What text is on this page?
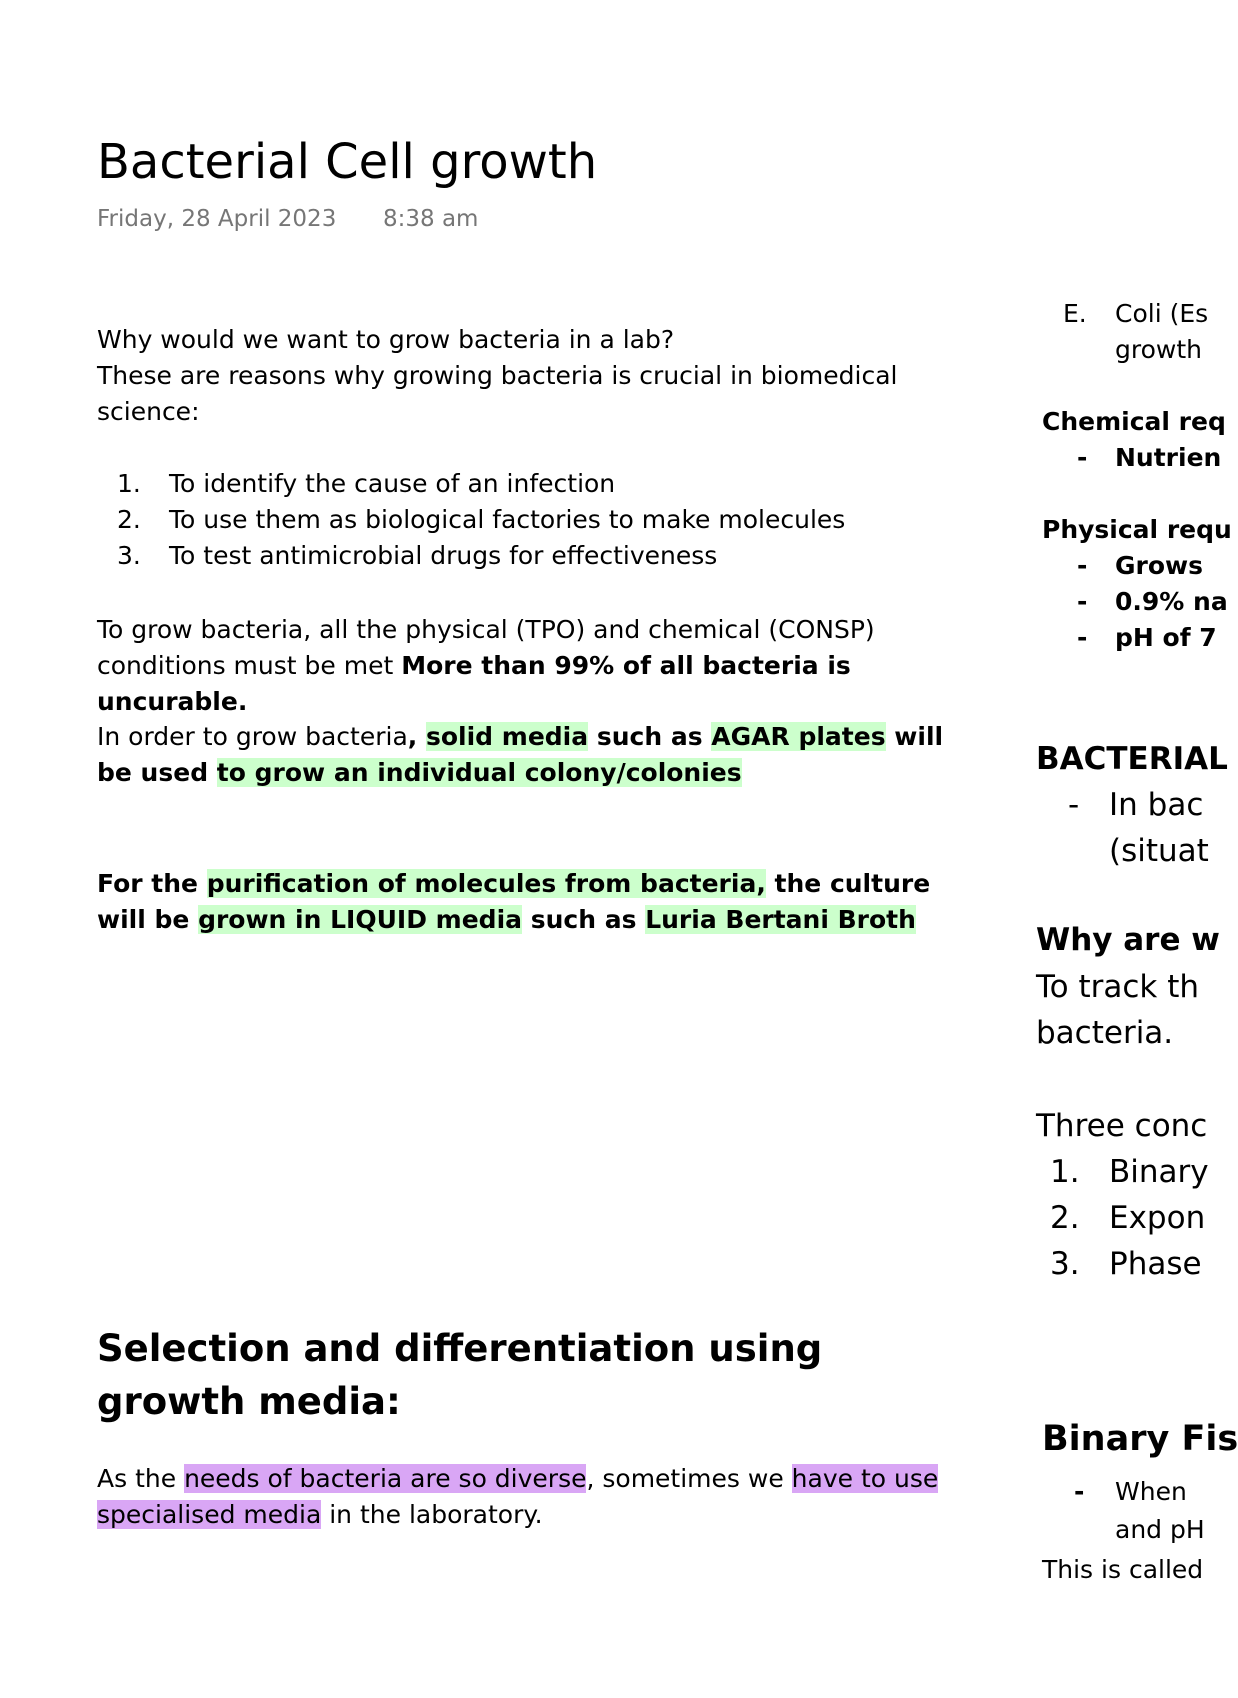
Bacterial Cell growth
Friday, 28 April 2023 8:38 am
Why would we want to grow bacteria in a lab?
These are reasons why growing bacteria is crucial in biomedical science:
1. To identify the cause of an infection
2. To use them as biological factories to make molecules
3. To test antimicrobial drugs for effectiveness
To grow bacteria, all the physical (TPO) and chemical (CONSP) conditions must be met More than 99% of all bacteria is uncurable.
In order to grow bacteria, solid media such as AGAR plates will be used to grow an individual colony/colonies
For the purification of molecules from bacteria, the culture will be grown in LIQUID media such as Luria Bertani Broth
Selection and differentiation using growth media:
As the needs of bacteria are so diverse, sometimes we have to use specialised media in the laboratory.
E. Coli (Es
growth
Chemical req
- Nutrien
Physical requ
- Grows
- 0.9% na
- pH of 7
BACTERIAL
- In bac
(situat
Why are w
To track th
bacteria.
Three conc
1. Binary
2. Expon
3. Phase
Binary Fis
- When
and pH
This is called
